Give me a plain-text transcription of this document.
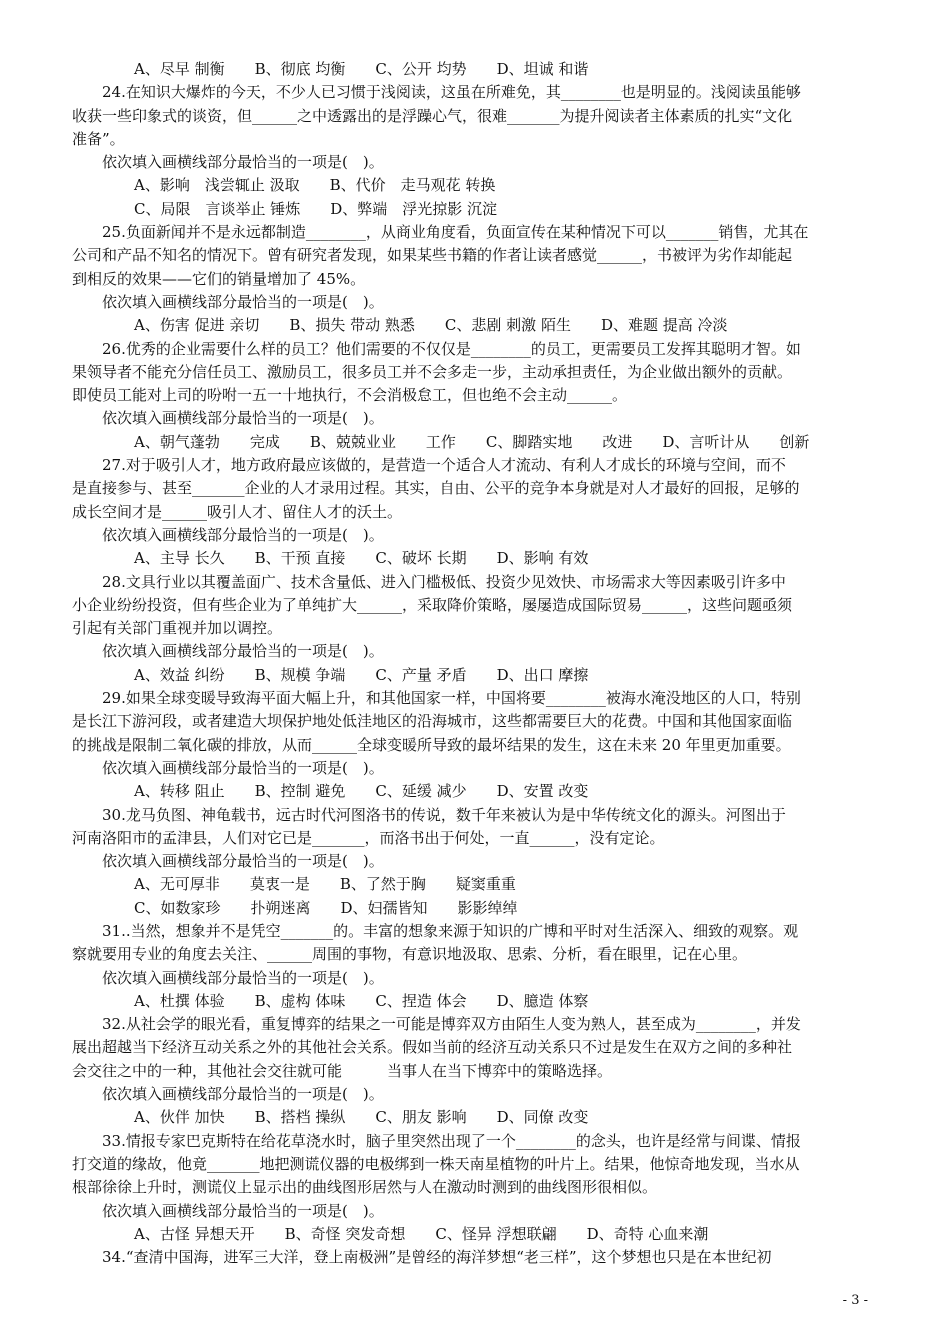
A、尽早 制衡　　B、彻底 均衡　　C、公开 均势　　D、坦诚 和谐
24.在知识大爆炸的今天，不少人已习惯于浅阅读，这虽在所难免，其________也是明显的。浅阅读虽能够
收获一些印象式的谈资，但______之中透露出的是浮躁心气，很难_______为提升阅读者主体素质的扎实“文化
准备”。
依次填入画横线部分最恰当的一项是(　)。
A、影响　浅尝辄止 汲取　　B、代价　走马观花 转换
C、局限　言谈举止 锤炼　　D、弊端　浮光掠影 沉淀
25.负面新闻并不是永远都制造________，从商业角度看，负面宣传在某种情况下可以_______销售，尤其在
公司和产品不知名的情况下。曾有研究者发现，如果某些书籍的作者让读者感觉______，书被评为劣作却能起
到相反的效果——它们的销量增加了 45%。
依次填入画横线部分最恰当的一项是(　)。
A、伤害 促进 亲切　　B、损失 带动 熟悉　　C、悲剧 刺激 陌生　　D、难题 提高 冷淡
26.优秀的企业需要什么样的员工？他们需要的不仅仅是________的员工，更需要员工发挥其聪明才智。如
果领导者不能充分信任员工、激励员工，很多员工并不会多走一步，主动承担责任，为企业做出额外的贡献。
即使员工能对上司的吩咐一五一十地执行，不会消极怠工，但也绝不会主动______。
依次填入画横线部分最恰当的一项是(　)。
A、朝气蓬勃　　完成　　B、兢兢业业　　工作　　C、脚踏实地　　改进　　D、言听计从　　创新
27.对于吸引人才，地方政府最应该做的，是营造一个适合人才流动、有利人才成长的环境与空间，而不
是直接参与、甚至_______企业的人才录用过程。其实，自由、公平的竞争本身就是对人才最好的回报，足够的
成长空间才是______吸引人才、留住人才的沃土。
依次填入画横线部分最恰当的一项是(　)。
A、主导 长久　　B、干预 直接　　C、破坏 长期　　D、影响 有效
28.文具行业以其覆盖面广、技术含量低、进入门槛极低、投资少见效快、市场需求大等因素吸引许多中
小企业纷纷投资，但有些企业为了单纯扩大______，采取降价策略，屡屡造成国际贸易______，这些问题亟须
引起有关部门重视并加以调控。
依次填入画横线部分最恰当的一项是(　)。
A、效益 纠纷　　B、规模 争端　　C、产量 矛盾　　D、出口 摩擦
29.如果全球变暖导致海平面大幅上升，和其他国家一样，中国将要________被海水淹没地区的人口，特别
是长江下游河段，或者建造大坝保护地处低洼地区的沿海城市，这些都需要巨大的花费。中国和其他国家面临
的挑战是限制二氧化碳的排放，从而______全球变暖所导致的最坏结果的发生，这在未来 20 年里更加重要。
依次填入画横线部分最恰当的一项是(　)。
A、转移 阻止　　B、控制 避免　　C、延缓 减少　　D、安置 改变
30.龙马负图、神龟载书，远古时代河图洛书的传说，数千年来被认为是中华传统文化的源头。河图出于
河南洛阳市的孟津县，人们对它已是_______，而洛书出于何处，一直______，没有定论。
依次填入画横线部分最恰当的一项是(　)。
A、无可厚非　　莫衷一是　　B、了然于胸　　疑窦重重
C、如数家珍　　扑朔迷离　　D、妇孺皆知　　影影绰绰
31..当然，想象并不是凭空_______的。丰富的想象来源于知识的广博和平时对生活深入、细致的观察。观
察就要用专业的角度去关注、______周围的事物，有意识地汲取、思索、分析，看在眼里，记在心里。
依次填入画横线部分最恰当的一项是(　)。
A、杜撰 体验　　B、虚构 体味　　C、捏造 体会　　D、臆造 体察
32.从社会学的眼光看，重复博弈的结果之一可能是博弈双方由陌生人变为熟人，甚至成为________，并发
展出超越当下经济互动关系之外的其他社会关系。假如当前的经济互动关系只不过是发生在双方之间的多种社
会交往之中的一种，其他社会交往就可能　　　当事人在当下博弈中的策略选择。
依次填入画横线部分最恰当的一项是(　)。
A、伙伴 加快　　B、搭档 操纵　　C、朋友 影响　　D、同僚 改变
33.情报专家巴克斯特在给花草浇水时，脑子里突然出现了一个________的念头，也许是经常与间谍、情报
打交道的缘故，他竟_______地把测谎仪器的电极绑到一株天南星植物的叶片上。结果，他惊奇地发现，当水从
根部徐徐上升时，测谎仪上显示出的曲线图形居然与人在激动时测到的曲线图形很相似。
依次填入画横线部分最恰当的一项是(　)。
A、古怪 异想天开　　B、奇怪 突发奇想　　C、怪异 浮想联翩　　D、奇特 心血来潮
34.“查清中国海，进军三大洋，登上南极洲”是曾经的海洋梦想“老三样”，这个梦想也只是在本世纪初
- 3 -
